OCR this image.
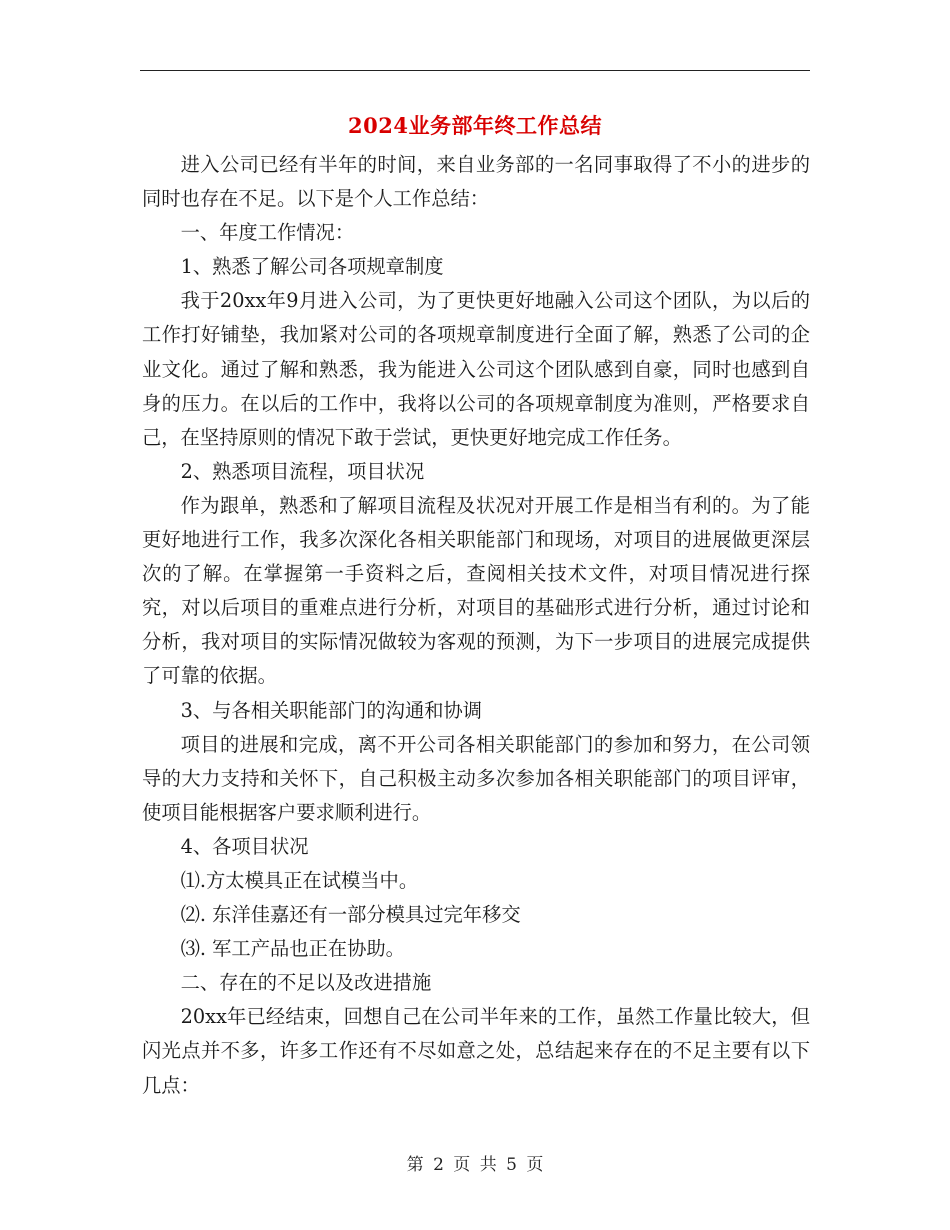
2024业务部年终工作总结

进入公司已经有半年的时间，来自业务部的一名同事取得了不小的进步的同时也存在不足。以下是个人工作总结：

一、年度工作情况：

1、熟悉了解公司各项规章制度

我于20xx年9月进入公司，为了更快更好地融入公司这个团队，为以后的工作打好铺垫，我加紧对公司的各项规章制度进行全面了解，熟悉了公司的企业文化。通过了解和熟悉，我为能进入公司这个团队感到自豪，同时也感到自身的压力。在以后的工作中，我将以公司的各项规章制度为准则，严格要求自己，在坚持原则的情况下敢于尝试，更快更好地完成工作任务。

2、熟悉项目流程，项目状况

作为跟单，熟悉和了解项目流程及状况对开展工作是相当有利的。为了能更好地进行工作，我多次深化各相关职能部门和现场，对项目的进展做更深层次的了解。在掌握第一手资料之后，查阅相关技术文件，对项目情况进行探究，对以后项目的重难点进行分析，对项目的基础形式进行分析，通过讨论和分析，我对项目的实际情况做较为客观的预测，为下一步项目的进展完成提供了可靠的依据。

3、与各相关职能部门的沟通和协调

项目的进展和完成，离不开公司各相关职能部门的参加和努力，在公司领导的大力支持和关怀下，自己积极主动多次参加各相关职能部门的项目评审，使项目能根据客户要求顺利进行。

4、各项目状况

⑴.方太模具正在试模当中。

⑵. 东洋佳嘉还有一部分模具过完年移交

⑶. 军工产品也正在协助。

二、存在的不足以及改进措施

20xx年已经结束，回想自己在公司半年来的工作，虽然工作量比较大，但闪光点并不多，许多工作还有不尽如意之处，总结起来存在的不足主要有以下几点：

第 2 页 共 5 页
